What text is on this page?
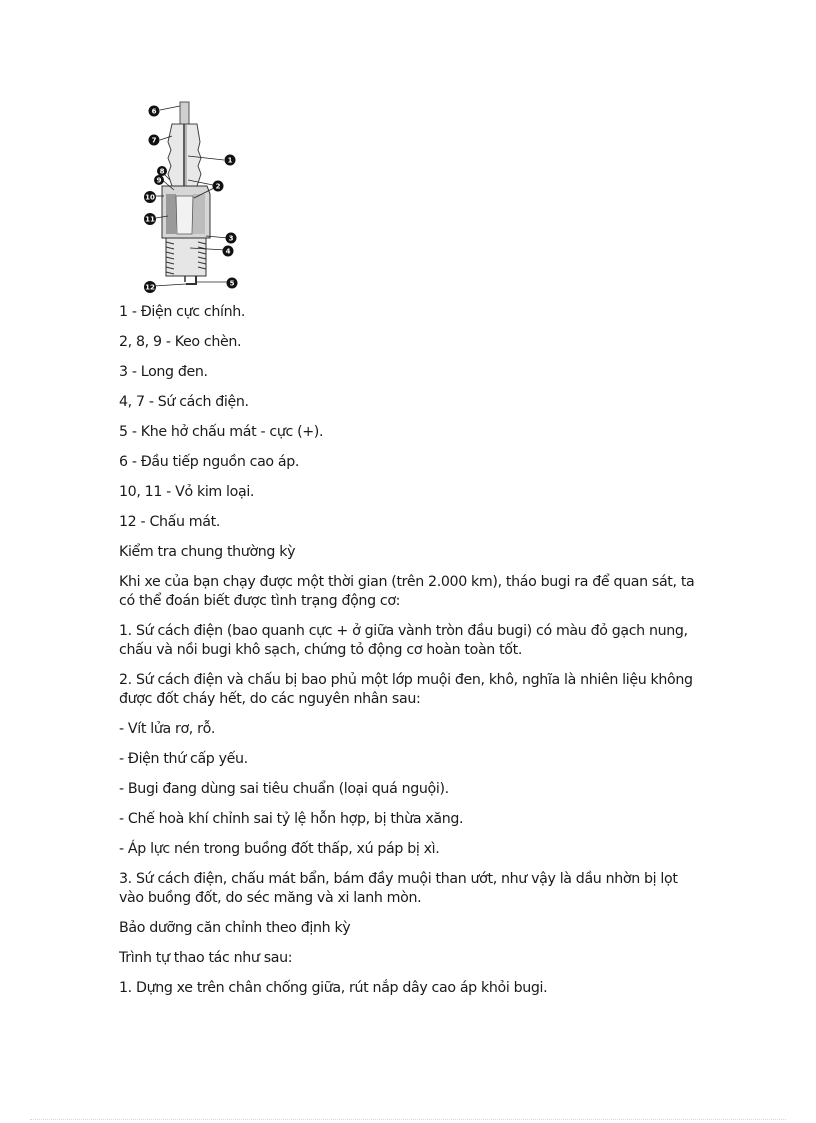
6
7
1
8
9
2
10
11
3
4
5
12

1 - Điện cực chính.

2, 8, 9 - Keo chèn.

3 - Long đen.

4, 7 - Sứ cách điện.

5 - Khe hở chấu mát - cực (+).

6 - Đầu tiếp nguồn cao áp.

10, 11 - Vỏ kim loại.

12 - Chấu mát.

Kiểm tra chung thường kỳ

Khi xe của bạn chạy được một thời gian (trên 2.000 km), tháo bugi ra để quan sát, ta có thể đoán biết được tình trạng động cơ:

1. Sứ cách điện (bao quanh cực + ở giữa vành tròn đầu bugi) có màu đỏ gạch nung, chấu và nồi bugi khô sạch, chứng tỏ động cơ hoàn toàn tốt.

2. Sứ cách điện và chấu bị bao phủ một lớp muội đen, khô, nghĩa là nhiên liệu không được đốt cháy hết, do các nguyên nhân sau:

- Vít lửa rơ, rỗ.

- Điện thứ cấp yếu.

- Bugi đang dùng sai tiêu chuẩn (loại quá nguội).

- Chế hoà khí chỉnh sai tỷ lệ hỗn hợp, bị thừa xăng.

- Áp lực nén trong buồng đốt thấp, xú páp bị xì.

3. Sứ cách điện, chấu mát bẩn, bám đầy muội than ướt, như vậy là dầu nhờn bị lọt vào buồng đốt, do séc măng và xi lanh mòn.

Bảo dưỡng căn chỉnh theo định kỳ

Trình tự thao tác như sau:

1. Dựng xe trên chân chống giữa, rút nắp dây cao áp khỏi bugi.
